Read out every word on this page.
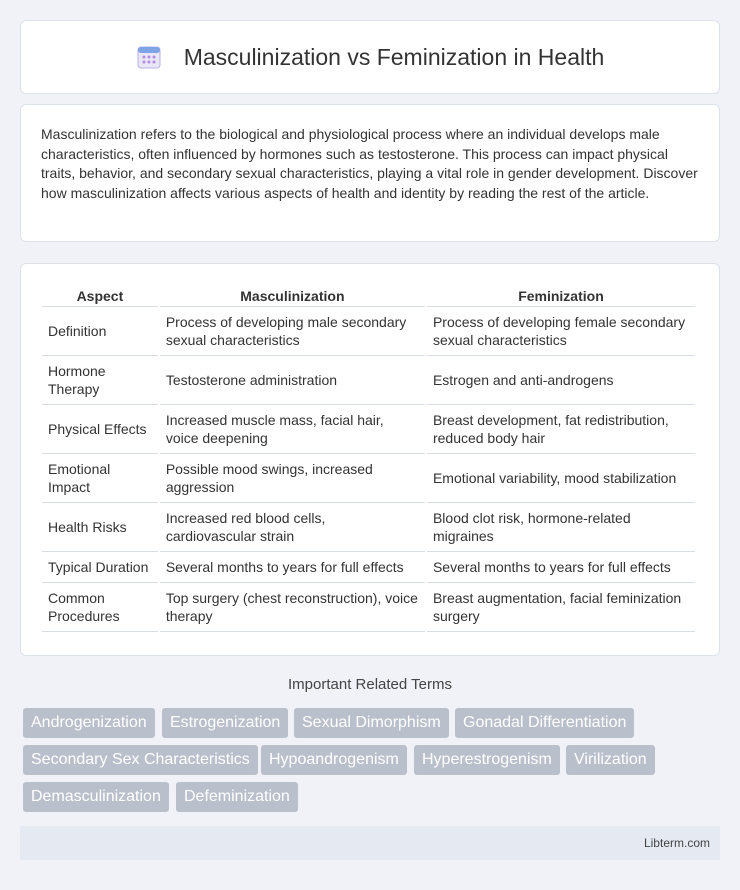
Masculinization vs Feminization in Health

Masculinization refers to the biological and physiological process where an individual develops male characteristics, often influenced by hormones such as testosterone. This process can impact physical traits, behavior, and secondary sexual characteristics, playing a vital role in gender development. Discover how masculinization affects various aspects of health and identity by reading the rest of the article.

Aspect	Masculinization	Feminization
Definition	Process of developing male secondary sexual characteristics	Process of developing female secondary sexual characteristics
Hormone Therapy	Testosterone administration	Estrogen and anti-androgens
Physical Effects	Increased muscle mass, facial hair, voice deepening	Breast development, fat redistribution, reduced body hair
Emotional Impact	Possible mood swings, increased aggression	Emotional variability, mood stabilization
Health Risks	Increased red blood cells, cardiovascular strain	Blood clot risk, hormone-related migraines
Typical Duration	Several months to years for full effects	Several months to years for full effects
Common Procedures	Top surgery (chest reconstruction), voice therapy	Breast augmentation, facial feminization surgery
Important Related Terms
Androgenization	Estrogenization	Sexual Dimorphism	Gonadal Differentiation
Secondary Sex Characteristics	Hypoandrogenism	Hyperestrogenism	Virilization
Demasculinization	Defeminization
Libterm.com
